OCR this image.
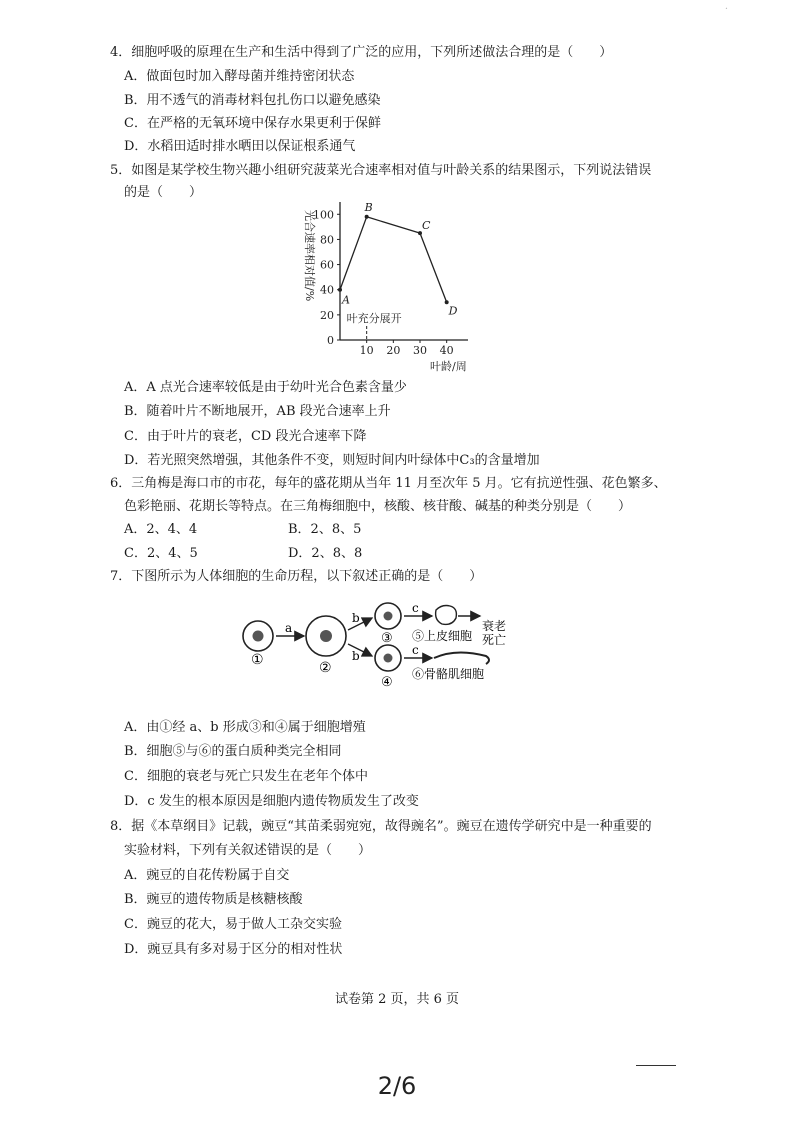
·
4．细胞呼吸的原理在生产和生活中得到了广泛的应用，下列所述做法合理的是（　　）
A．做面包时加入酵母菌并维持密闭状态
B．用不透气的消毒材料包扎伤口以避免感染
C．在严格的无氧环境中保存水果更利于保鲜
D．水稻田适时排水晒田以保证根系通气
5．如图是某学校生物兴趣小组研究菠菜光合速率相对值与叶龄关系的结果图示，下列说法错误
的是（　　）
光合速率相对值/%
叶龄/周
0
20
40
60
80
100
10 20 30 40
A
B
C
D
叶充分展开
A．A 点光合速率较低是由于幼叶光合色素含量少
B．随着叶片不断地展开，AB 段光合速率上升
C．由于叶片的衰老，CD 段光合速率下降
D．若光照突然增强，其他条件不变，则短时间内叶绿体中C₃的含量增加
6．三角梅是海口市的市花，每年的盛花期从当年 11 月至次年 5 月。它有抗逆性强、花色繁多、
色彩艳丽、花期长等特点。在三角梅细胞中，核酸、核苷酸、碱基的种类分别是（　　）
A．2、4、4	B．2、8、5
C．2、4、5	D．2、8、8
7．下图所示为人体细胞的生命历程，以下叙述正确的是（　　）
①
a
②
b
b
③
④
c
⑤上皮细胞
衰老
死亡
c
⑥骨骼肌细胞
A．由①经 a、b 形成③和④属于细胞增殖
B．细胞⑤与⑥的蛋白质种类完全相同
C．细胞的衰老与死亡只发生在老年个体中
D．c 发生的根本原因是细胞内遗传物质发生了改变
8．据《本草纲目》记载，豌豆“其苗柔弱宛宛，故得豌名”。豌豆在遗传学研究中是一种重要的
实验材料，下列有关叙述错误的是（　　）
A．豌豆的自花传粉属于自交
B．豌豆的遗传物质是核糖核酸
C．豌豆的花大，易于做人工杂交实验
D．豌豆具有多对易于区分的相对性状
试卷第 2 页，共 6 页
2/6
